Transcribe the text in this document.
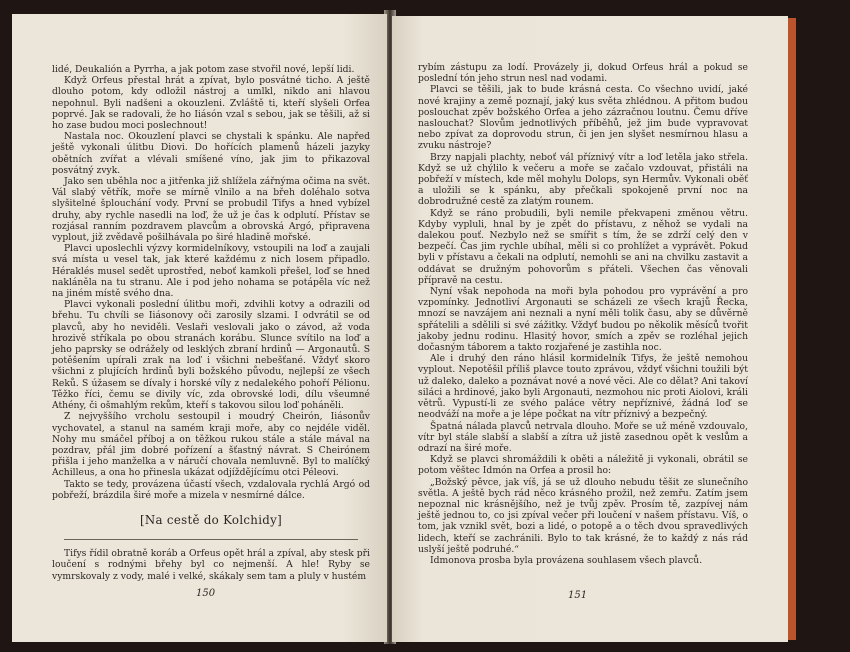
lidé, Deukalión a Pyrrha, a jak potom zase stvořil nové, lepší lidi.

Když Orfeus přestal hrát a zpívat, bylo posvátné ticho. A ještě dlouho potom, kdy odložil nástroj a umlkl, nikdo ani hlavou nepohnul. Byli nadšeni a okouzleni. Zvláště ti, kteří slyšeli Orfea poprvé. Jak se radovali, že ho Iiásón vzal s sebou, jak se těšili, až si ho zase budou moci poslechnout!

Nastala noc. Okouzlení plavci se chystali k spánku. Ale napřed ještě vykonali úlitbu Diovi. Do hořících plamenů házeli jazyky obětních zvířat a vlévali smíšené víno, jak jim to přikazoval posvátný zvyk.

Jako sen uběhla noc a jitřenka již shlížela zářnýma očima na svět. Vál slabý větřík, moře se mírně vlnilo a na břeh doléhalo sotva slyšitelné šplouchání vody. První se probudil Tifys a hned vybízel druhy, aby rychle nasedli na loď, že už je čas k odplutí. Přístav se rozjásal ranním pozdravem plavcům a obrovská Argó, připravena vyplout, již zvědavě pošilhávala po širé hladině mořské.

Plavci uposlechli výzvy kormidelníkovy, vstoupili na loď a zaujali svá místa u vesel tak, jak které každému z nich losem připadlo. Héraklés musel sedět uprostřed, neboť kamkoli přešel, loď se hned nakláněla na tu stranu. Ale i pod jeho nohama se potápěla víc než na jiném místě svého dna.

Plavci vykonali poslední úlitbu moři, zdvihli kotvy a odrazili od břehu. Tu chvíli se Iiásonovy oči zarosily slzami. I odvrátil se od plavců, aby ho neviděli. Veslaři veslovali jako o závod, až voda hrozivě stříkala po obou stranách korábu. Slunce svítilo na loď a jeho paprsky se odrážely od lesklých zbraní hrdinů — Argonautů. S potěšením upírali zrak na loď i všichni nebešťané. Vždyť skoro všichni z plujících hrdinů byli božského původu, nejlepší ze všech Reků. S úžasem se dívaly i horské víly z nedalekého pohoří Pélionu. Těžko říci, čemu se divily víc, zda obrovské lodi, dílu všeumné Athény, či ošmahlým rekům, kteří s takovou silou loď poháněli.

Z nejvyššího vrcholu sestoupil i moudrý Cheirón, Iiásonův vychovatel, a stanul na samém kraji moře, aby co nejdéle viděl. Nohy mu smáčel příboj a on těžkou rukou stále a stále mával na pozdrav, přál jim dobré pořízení a šťastný návrat. S Cheirónem přišla i jeho manželka a v náručí chovala nemluvně. Byl to malíčký Achilleus, a ona ho přinesla ukázat odjíždějícímu otci Péleovi.

Takto se tedy, provázena účastí všech, vzdalovala rychlá Argó od pobřeží, brázdila širé moře a mizela v nesmírné dálce.

[Na cestě do Kolchidy]

Tifys řídil obratně koráb a Orfeus opět hrál a zpíval, aby stesk při loučení s rodnými břehy byl co nejmenší. A hle! Ryby se vymrskovaly z vody, malé i velké, skákaly sem tam a pluly v hustém

150

rybím zástupu za lodí. Provázely ji, dokud Orfeus hrál a pokud se poslední tón jeho strun nesl nad vodami.

Plavci se těšili, jak to bude krásná cesta. Co všechno uvidí, jaké nové krajiny a země poznají, jaký kus světa zhlédnou. A přitom budou poslouchat zpěv božského Orfea a jeho zázračnou loutnu. Čemu dříve naslouchat? Slovům jednotlivých příběhů, jež jim bude vypravovat nebo zpívat za doprovodu strun, či jen jen slyšet nesmírnou hlasu a zvuku nástroje?

Brzy napjali plachty, neboť vál příznivý vítr a loď letěla jako střela. Když se už chýlilo k večeru a moře se začalo vzdouvat, přistáli na pobřeží v místech, kde měl mohylu Dolops, syn Hermův. Vykonali oběť a uložili se k spánku, aby přečkali spokojeně první noc na dobrodružné cestě za zlatým rounem.

Když se ráno probudili, byli nemile překvapeni změnou větru. Kdyby vypluli, hnal by je zpět do přístavu, z něhož se vydali na dalekou pouť. Nezbylo než se smířit s tím, že se zdrží celý den v bezpečí. Čas jim rychle ubíhal, měli si co prohlížet a vyprávět. Pokud byli v přístavu a čekali na odplutí, nemohli se ani na chvilku zastavit a oddávat se družným pohovorům s přáteli. Všechen čas věnovali přípravě na cestu.

Nyní však nepohoda na moři byla pohodou pro vyprávění a pro vzpomínky. Jednotliví Argonauti se scházeli ze všech krajů Řecka, mnozí se navzájem ani neznali a nyní měli tolik času, aby se důvěrně spřátelili a sdělili si své zážitky. Vždyť budou po několik měsíců tvořit jakoby jednu rodinu. Hlasitý hovor, smích a zpěv se rozléhal jejich dočasným táborem a takto rozjařené je zastihla noc.

Ale i druhý den ráno hlásil kormidelník Tifys, že ještě nemohou vyplout. Nepotěšil příliš plavce touto zprávou, vždyť všichni toužili být už daleko, daleko a poznávat nové a nové věci. Ale co dělat? Ani takoví siláci a hrdinové, jako byli Argonauti, nezmohou nic proti Aiolovi, králi větrů. Vypustí-li ze svého paláce větry nepříznivé, žádná loď se neodváží na moře a je lépe počkat na vítr příznivý a bezpečný.

Špatná nálada plavců netrvala dlouho. Moře se už méně vzdouvalo, vítr byl stále slabší a slabší a zítra už jistě zasednou opět k veslům a odrazí na širé moře.

Když se plavci shromáždili k oběti a náležitě ji vykonali, obrátil se potom věštec Idmón na Orfea a prosil ho:

„Božský pěvce, jak víš, já se už dlouho nebudu těšit ze slunečního světla. A ještě bych rád něco krásného prožil, než zemřu. Zatím jsem nepoznal nic krásnějšího, než je tvůj zpěv. Prosím tě, zazpívej nám ještě jednou to, co jsi zpíval večer při loučení v našem přístavu. Víš, o tom, jak vznikl svět, bozi a lidé, o potopě a o těch dvou spravedlivých lidech, kteří se zachránili. Bylo to tak krásné, že to každý z nás rád uslyší ještě podruhé.“

Idmonova prosba byla provázena souhlasem všech plavců.

151
